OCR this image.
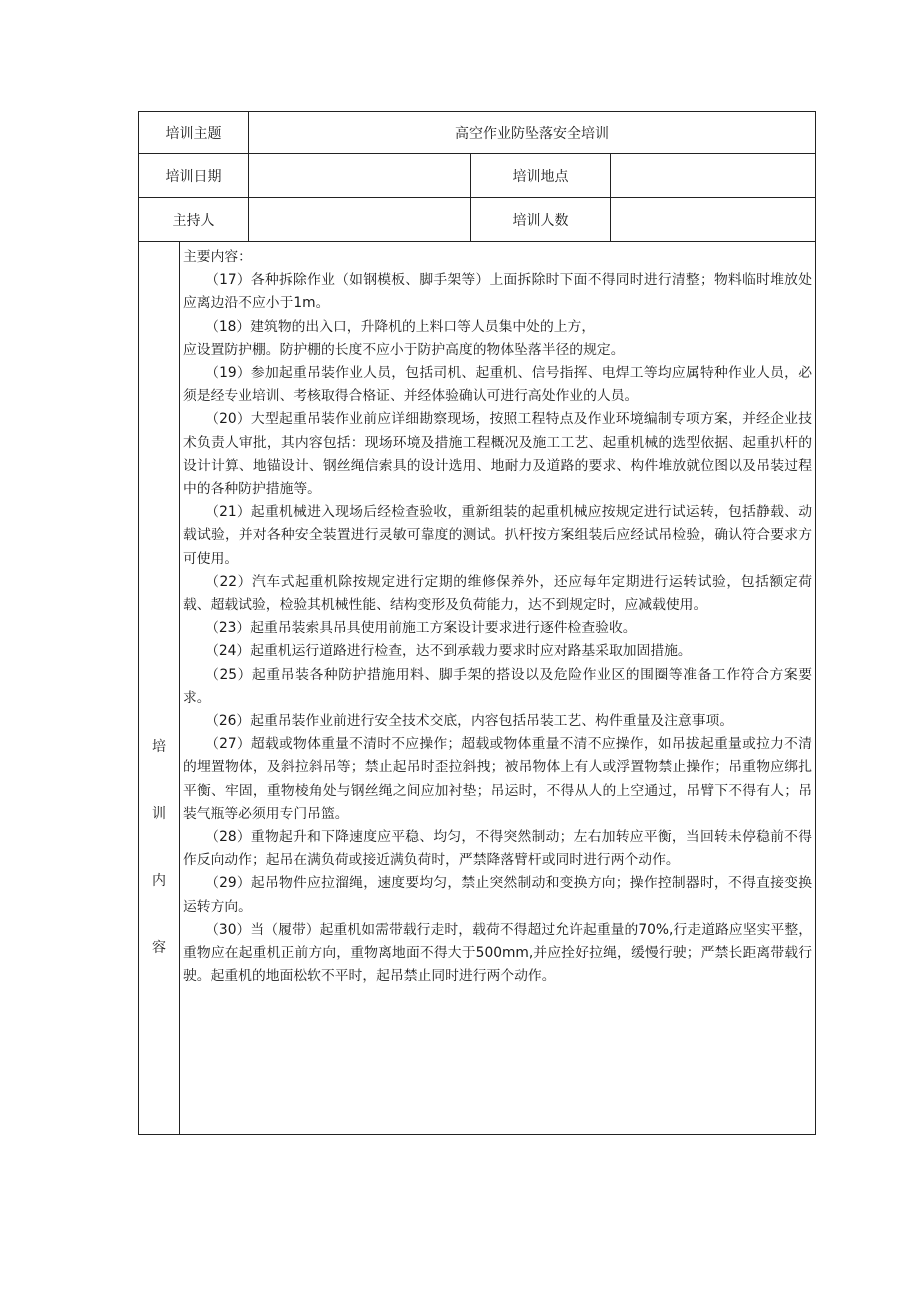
培训主题	高空作业防坠落安全培训
培训日期	培训地点
主持人	培训人数

培

训

内

容

主要内容：

（17）各种拆除作业（如钢模板、脚手架等）上面拆除时下面不得同时进行清整；物料临时堆放处应离边沿不应小于1m。

（18）建筑物的出入口，升降机的上料口等人员集中处的上方，

应设置防护棚。防护棚的长度不应小于防护高度的物体坠落半径的规定。

（19）参加起重吊装作业人员，包括司机、起重机、信号指挥、电焊工等均应属特种作业人员，必须是经专业培训、考核取得合格证、并经体验确认可进行高处作业的人员。

（20）大型起重吊装作业前应详细勘察现场，按照工程特点及作业环境编制专项方案，并经企业技术负责人审批，其内容包括：现场环境及措施工程概况及施工工艺、起重机械的选型依据、起重扒杆的设计计算、地锚设计、钢丝绳信索具的设计选用、地耐力及道路的要求、构件堆放就位图以及吊装过程中的各种防护措施等。

（21）起重机械进入现场后经检查验收，重新组装的起重机械应按规定进行试运转，包括静载、动载试验，并对各种安全装置进行灵敏可靠度的测试。扒杆按方案组装后应经试吊检验，确认符合要求方可使用。

（22）汽车式起重机除按规定进行定期的维修保养外，还应每年定期进行运转试验，包括额定荷载、超载试验，检验其机械性能、结构变形及负荷能力，达不到规定时，应减载使用。

（23）起重吊装索具吊具使用前施工方案设计要求进行逐件检查验收。

（24）起重机运行道路进行检查，达不到承载力要求时应对路基采取加固措施。

（25）起重吊装各种防护措施用料、脚手架的搭设以及危险作业区的围圈等准备工作符合方案要求。

（26）起重吊装作业前进行安全技术交底，内容包括吊装工艺、构件重量及注意事项。

（27）超载或物体重量不清时不应操作；超载或物体重量不清不应操作，如吊拔起重量或拉力不清的埋置物体，及斜拉斜吊等；禁止起吊时歪拉斜拽；被吊物体上有人或浮置物禁止操作；吊重物应绑扎平衡、牢固，重物棱角处与钢丝绳之间应加衬垫；吊运时，不得从人的上空通过，吊臂下不得有人；吊装气瓶等必须用专门吊篮。

（28）重物起升和下降速度应平稳、均匀，不得突然制动；左右加转应平衡，当回转未停稳前不得作反向动作；起吊在满负荷或接近满负荷时，严禁降落臂杆或同时进行两个动作。

（29）起吊物件应拉溜绳，速度要均匀，禁止突然制动和变换方向；操作控制器时，不得直接变换运转方向。

（30）当（履带）起重机如需带载行走时，载荷不得超过允许起重量的70%,行走道路应坚实平整，重物应在起重机正前方向，重物离地面不得大于500mm,并应拴好拉绳，缓慢行驶；严禁长距离带载行驶。起重机的地面松软不平时，起吊禁止同时进行两个动作。
